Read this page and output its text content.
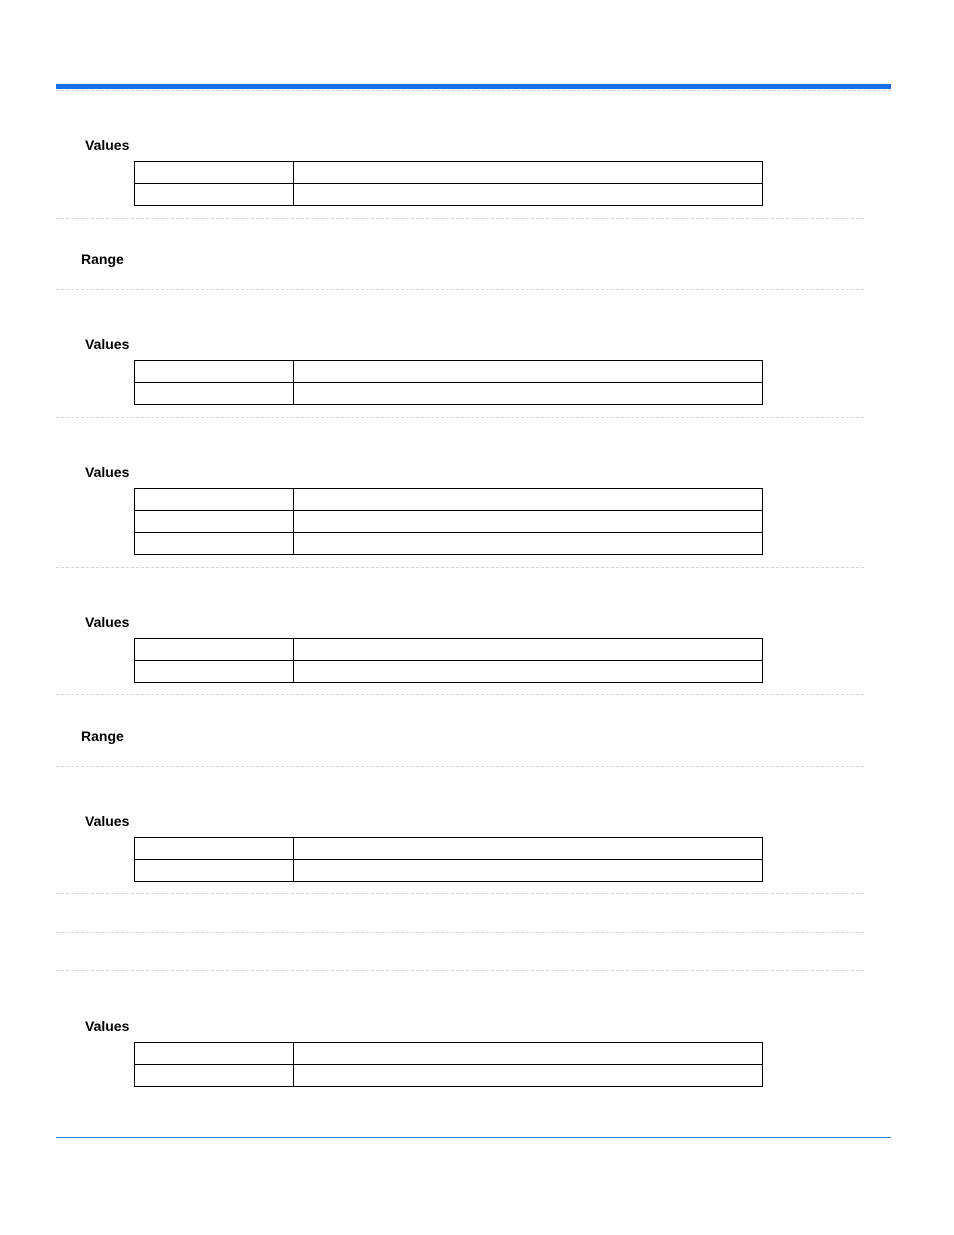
Values

Range

Values

Values

Values

Range

Values

Values
